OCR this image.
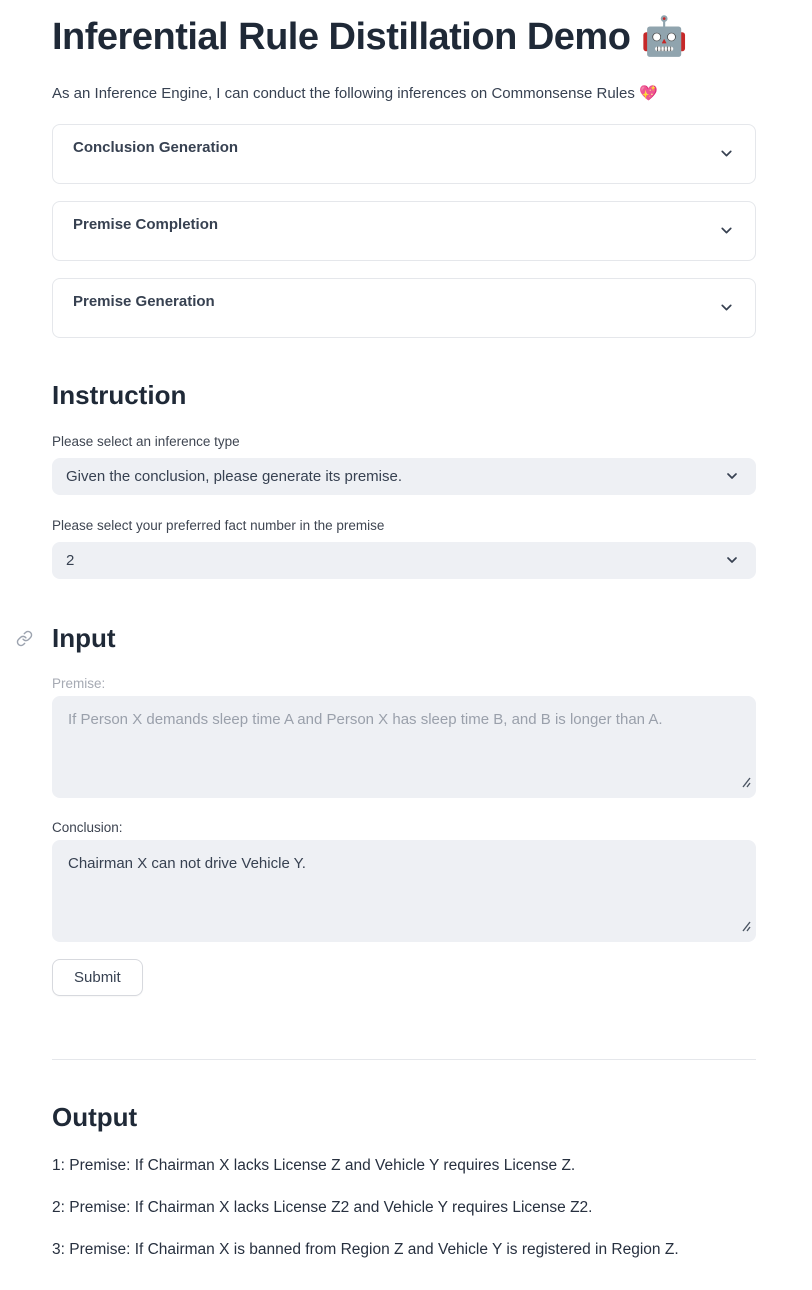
Inferential Rule Distillation Demo 🤖

As an Inference Engine, I can conduct the following inferences on Commonsense Rules 💖

Conclusion Generation
Premise Completion
Premise Generation
Instruction
Please select an inference type
Given the conclusion, please generate its premise.
Please select your preferred fact number in the premise
2
Input
Premise:
If Person X demands sleep time A and Person X has sleep time B, and B is longer than A.
Conclusion:
Chairman X can not drive Vehicle Y.
Submit
Output

1: Premise: If Chairman X lacks License Z and Vehicle Y requires License Z.

2: Premise: If Chairman X lacks License Z2 and Vehicle Y requires License Z2.

3: Premise: If Chairman X is banned from Region Z and Vehicle Y is registered in Region Z.
